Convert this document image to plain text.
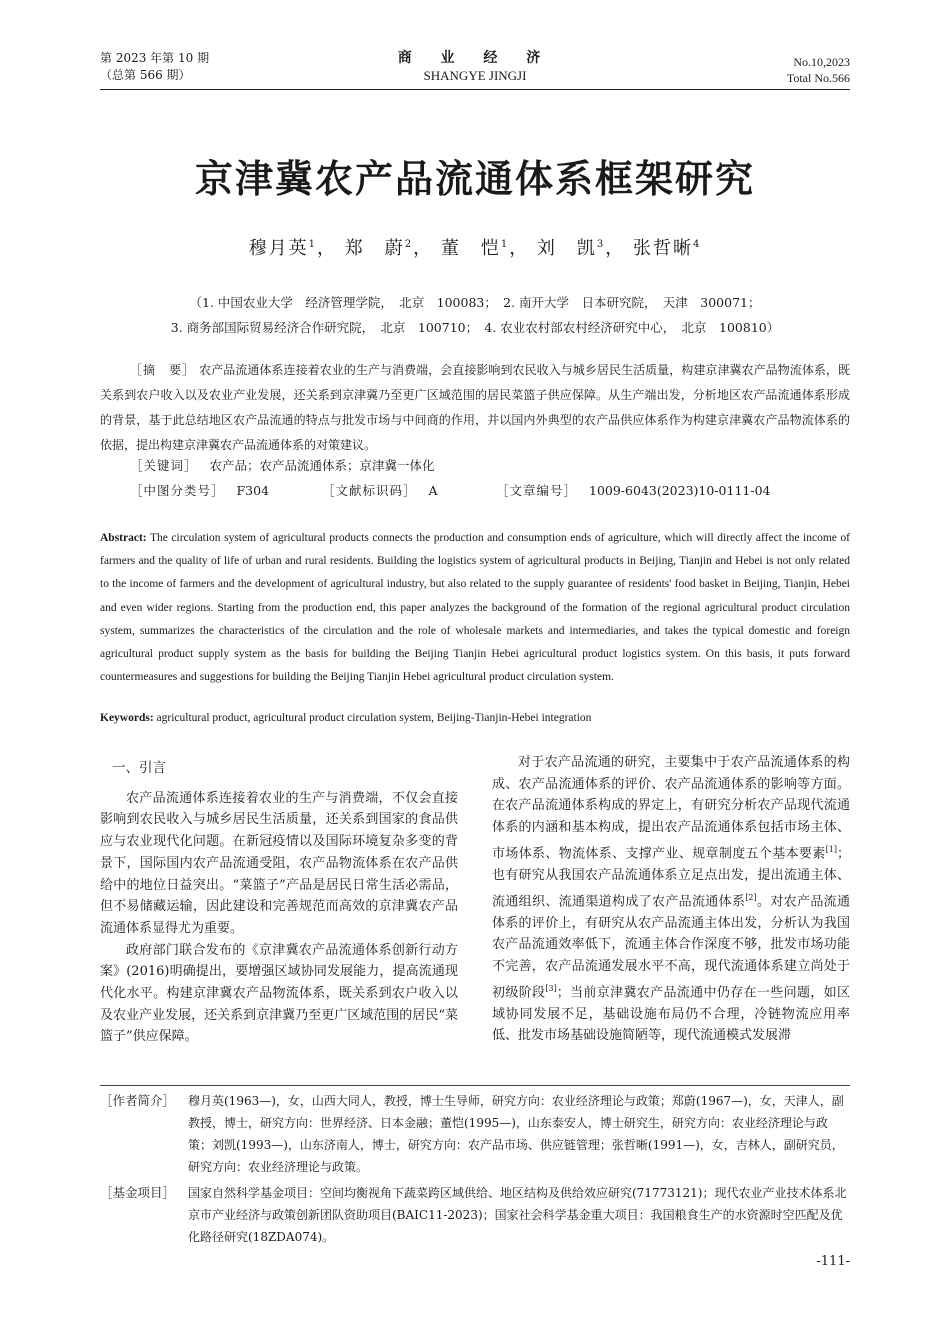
第 2023 年第 10 期
（总第 566 期）
商 业 经 济
SHANGYE JINGJI
No.10,2023
Total No.566
京津冀农产品流通体系框架研究
穆月英$^1$， 郑　蔚$^2$， 董　恺$^1$， 刘　凯$^3$， 张哲晰$^4$
（1. 中国农业大学　经济管理学院，　北京　100083；　2. 南开大学　日本研究院，　天津　300071；
3. 商务部国际贸易经济合作研究院，　北京　100710；　4. 农业农村部农村经济研究中心，　北京　100810）
［摘　要］ 农产品流通体系连接着农业的生产与消费端，会直接影响到农民收入与城乡居民生活质量，构建京津冀农产品物流体系，既关系到农户收入以及农业产业发展，还关系到京津冀乃至更广区域范围的居民菜篮子供应保障。从生产端出发，分析地区农产品流通体系形成的背景，基于此总结地区农产品流通的特点与批发市场与中间商的作用，并以国内外典型的农产品供应体系作为构建京津冀农产品物流体系的依据，提出构建京津冀农产品流通体系的对策建议。
［关键词］ 农产品；农产品流通体系；京津冀一体化
［中图分类号］ F304	［文献标识码］ A	［文章编号］ 1009-6043(2023)10-0111-04
Abstract: The circulation system of agricultural products connects the production and consumption ends of agriculture, which will directly affect the income of farmers and the quality of life of urban and rural residents. Building the logistics system of agricultural products in Beijing, Tianjin and Hebei is not only related to the income of farmers and the development of agricultural industry, but also related to the supply guarantee of residents' food basket in Beijing, Tianjin, Hebei and even wider regions. Starting from the production end, this paper analyzes the background of the formation of the regional agricultural product circulation system, summarizes the characteristics of the circulation and the role of wholesale markets and intermediaries, and takes the typical domestic and foreign agricultural product supply system as the basis for building the Beijing Tianjin Hebei agricultural product logistics system. On this basis, it puts forward countermeasures and suggestions for building the Beijing Tianjin Hebei agricultural product circulation system.
Keywords: agricultural product, agricultural product circulation system, Beijing-Tianjin-Hebei integration
一、引言

农产品流通体系连接着农业的生产与消费端，不仅会直接影响到农民收入与城乡居民生活质量，还关系到国家的食品供应与农业现代化问题。在新冠疫情以及国际环境复杂多变的背景下，国际国内农产品流通受阻，农产品物流体系在农产品供给中的地位日益突出。“菜篮子”产品是居民日常生活必需品，但不易储藏运输，因此建设和完善规范而高效的京津冀农产品流通体系显得尤为重要。

政府部门联合发布的《京津冀农产品流通体系创新行动方案》(2016)明确提出，要增强区域协同发展能力，提高流通现代化水平。构建京津冀农产品物流体系，既关系到农户收入以及农业产业发展，还关系到京津冀乃至更广区域范围的居民“菜篮子”供应保障。

对于农产品流通的研究，主要集中于农产品流通体系的构成、农产品流通体系的评价、农产品流通体系的影响等方面。在农产品流通体系构成的界定上，有研究分析农产品现代流通体系的内涵和基本构成，提出农产品流通体系包括市场主体、市场体系、物流体系、支撑产业、规章制度五个基本要素[1]；也有研究从我国农产品流通体系立足点出发，提出流通主体、流通组织、流通渠道构成了农产品流通体系[2]。对农产品流通体系的评价上，有研究从农产品流通主体出发，分析认为我国农产品流通效率低下，流通主体合作深度不够，批发市场功能不完善，农产品流通发展水平不高，现代流通体系建立尚处于初级阶段[3]；当前京津冀农产品流通中仍存在一些问题，如区域协同发展不足，基础设施布局仍不合理，冷链物流应用率低、批发市场基础设施简陋等，现代流通模式发展滞

［作者简介］ 穆月英(1963—)，女，山西大同人，教授，博士生导师，研究方向：农业经济理论与政策；郑蔚(1967—)，女，天津人，副教授，博士，研究方向：世界经济、日本金融；董恺(1995—)，山东泰安人，博士研究生，研究方向：农业经济理论与政策；刘凯(1993—)，山东济南人，博士，研究方向：农产品市场、供应链管理；张哲晰(1991—)，女，吉林人，副研究员，研究方向：农业经济理论与政策。
［基金项目］ 国家自然科学基金项目：空间均衡视角下蔬菜跨区域供给、地区结构及供给效应研究(71773121)；现代农业产业技术体系北京市产业经济与政策创新团队资助项目(BAIC11-2023)；国家社会科学基金重大项目：我国粮食生产的水资源时空匹配及优化路径研究(18ZDA074)。
-111-
